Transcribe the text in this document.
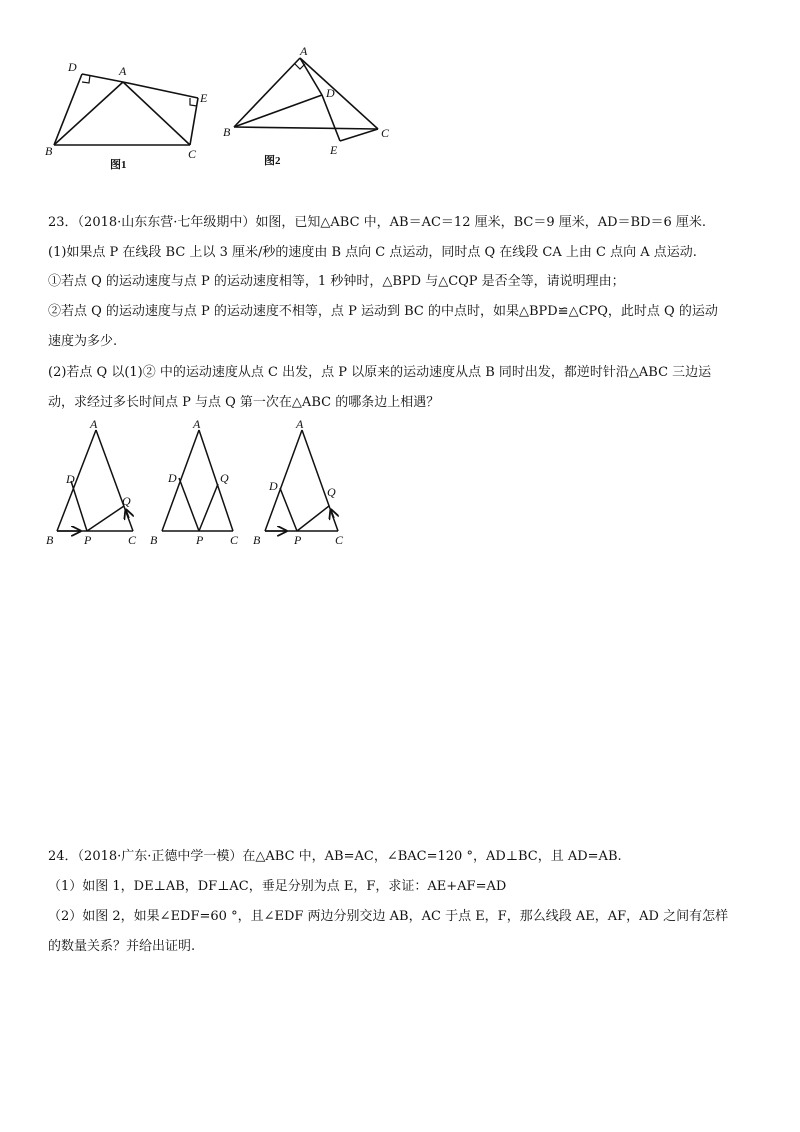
D	A
E
B	C
图1
A
D
B	C
E
图2
23．（2018·山东东营·七年级期中）如图，已知△ABC 中，AB＝AC＝12 厘米，BC＝9 厘米，AD＝BD＝6 厘米.
(1)如果点 P 在线段 BC 上以 3 厘米/秒的速度由 B 点向 C 点运动，同时点 Q 在线段 CA 上由 C 点向 A 点运动.
①若点 Q 的运动速度与点 P 的运动速度相等，1 秒钟时，△BPD 与△CQP 是否全等，请说明理由；
②若点 Q 的运动速度与点 P 的运动速度不相等，点 P 运动到 BC 的中点时，如果△BPD≌△CPQ，此时点 Q 的运动
速度为多少.
(2)若点 Q 以(1)② 中的运动速度从点 C 出发，点 P 以原来的运动速度从点 B 同时出发，都逆时针沿△ABC 三边运
动，求经过多长时间点 P 与点 Q 第一次在△ABC 的哪条边上相遇？
A
D
Q
B	P	C
A
D	Q
B	P C
A
D	Q
B	P	C
24．（2018·广东·正德中学一模）在△ABC 中，AB=AC，∠BAC=120 °，AD⊥BC，且 AD=AB.
（1）如图 1，DE⊥AB，DF⊥AC，垂足分别为点 E，F，求证：AE+AF=AD
（2）如图 2，如果∠EDF=60 °，且∠EDF 两边分别交边 AB，AC 于点 E，F，那么线段 AE，AF，AD 之间有怎样
的数量关系？并给出证明.
